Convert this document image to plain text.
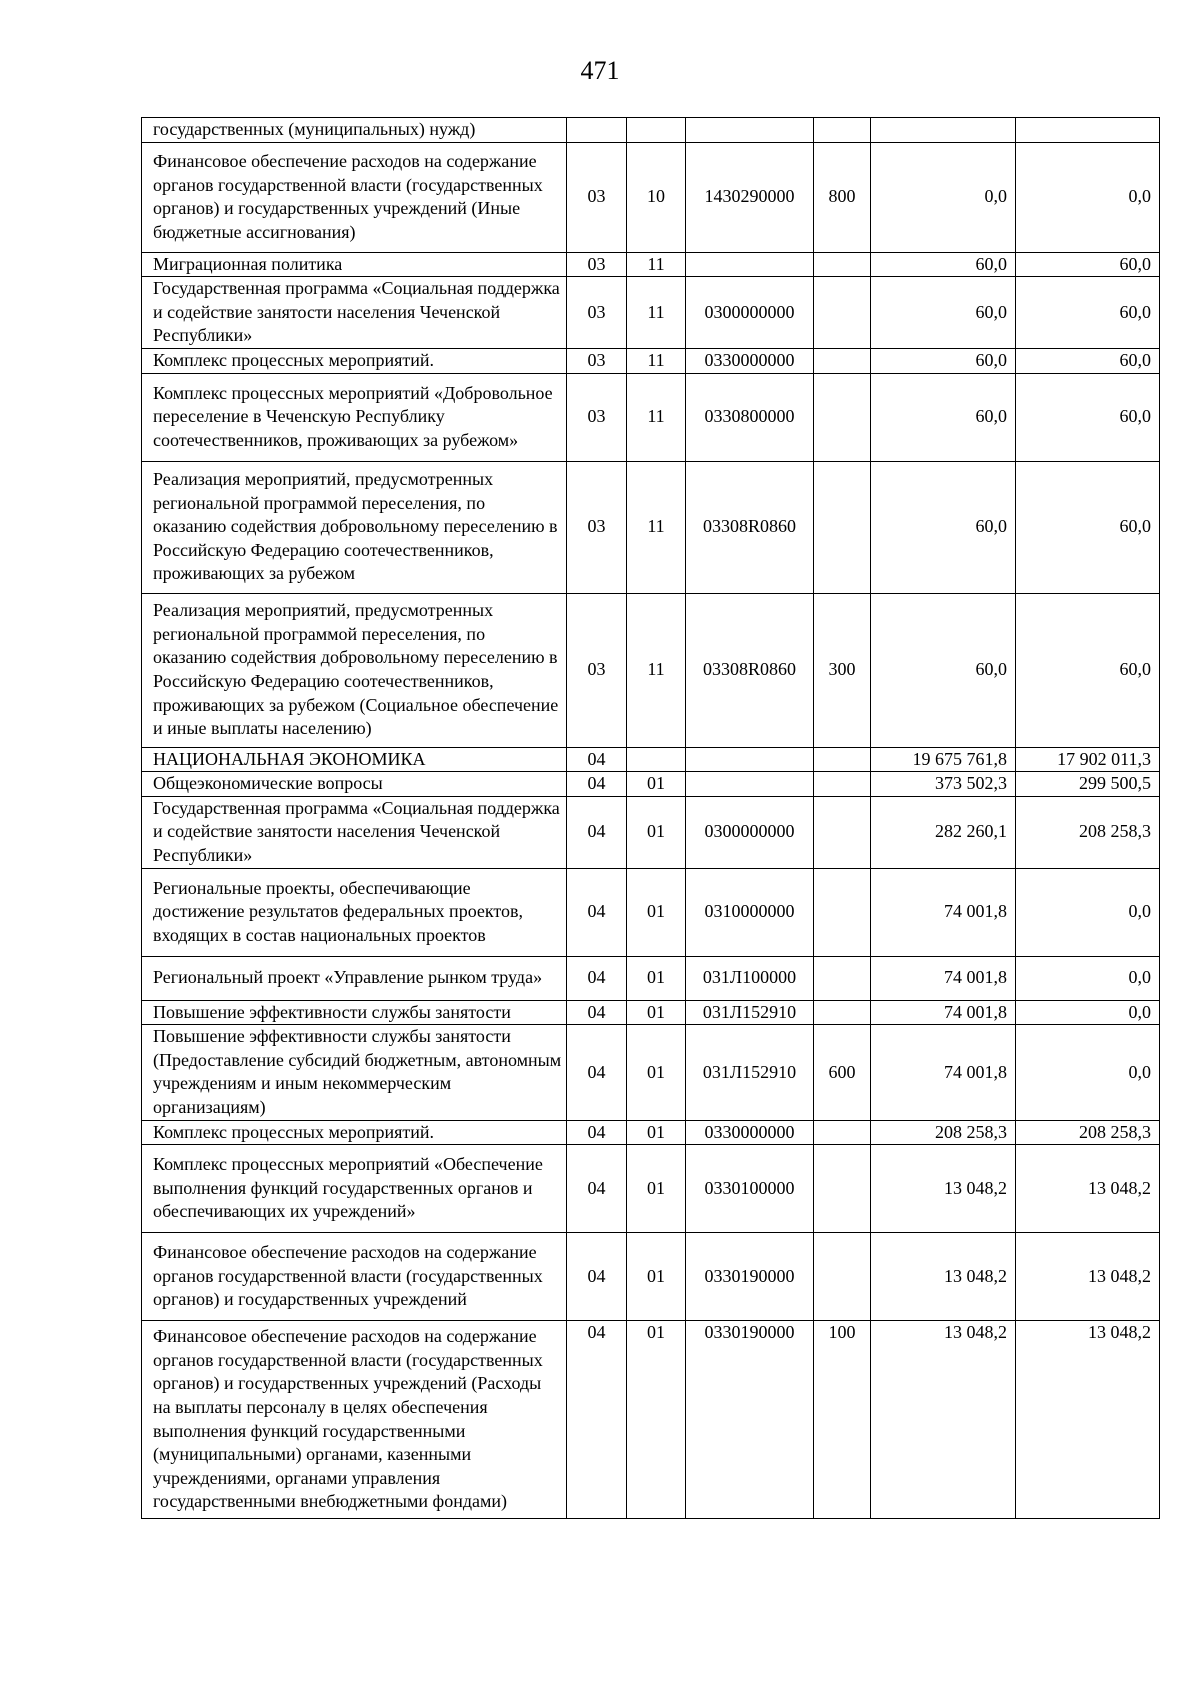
471
государственных (муниципальных) нужд)						
Финансовое обеспечение расходов на содержание органов государственной власти (государственных органов) и государственных учреждений (Иные бюджетные ассигнования)	03	10	1430290000	800	0,0	0,0
Миграционная политика	03	11			60,0	60,0
Государственная программа «Социальная поддержка и содействие занятости населения Чеченской Республики»	03	11	0300000000		60,0	60,0
Комплекс процессных мероприятий.	03	11	0330000000		60,0	60,0
Комплекс процессных мероприятий «Добровольное переселение в Чеченскую Республику соотечественников, проживающих за рубежом»	03	11	0330800000		60,0	60,0
Реализация мероприятий, предусмотренных региональной программой переселения, по оказанию содействия добровольному переселению в Российскую Федерацию соотечественников, проживающих за рубежом	03	11	03308R0860		60,0	60,0
Реализация мероприятий, предусмотренных региональной программой переселения, по оказанию содействия добровольному переселению в Российскую Федерацию соотечественников, проживающих за рубежом (Социальное обеспечение и иные выплаты населению)	03	11	03308R0860	300	60,0	60,0
НАЦИОНАЛЬНАЯ ЭКОНОМИКА	04				19 675 761,8	17 902 011,3
Общеэкономические вопросы	04	01			373 502,3	299 500,5
Государственная программа «Социальная поддержка и содействие занятости населения Чеченской Республики»	04	01	0300000000		282 260,1	208 258,3
Региональные проекты, обеспечивающие достижение результатов федеральных проектов, входящих в состав национальных проектов	04	01	0310000000		74 001,8	0,0
Региональный проект «Управление рынком труда»	04	01	031Л100000		74 001,8	0,0
Повышение эффективности службы занятости	04	01	031Л152910		74 001,8	0,0
Повышение эффективности службы занятости (Предоставление субсидий бюджетным, автономным учреждениям и иным некоммерческим организациям)	04	01	031Л152910	600	74 001,8	0,0
Комплекс процессных мероприятий.	04	01	0330000000		208 258,3	208 258,3
Комплекс процессных мероприятий «Обеспечение выполнения функций государственных органов и обеспечивающих их учреждений»	04	01	0330100000		13 048,2	13 048,2
Финансовое обеспечение расходов на содержание органов государственной власти (государственных органов) и государственных учреждений	04	01	0330190000		13 048,2	13 048,2
Финансовое обеспечение расходов на содержание органов государственной власти (государственных органов) и государственных учреждений (Расходы на выплаты персоналу в целях обеспечения выполнения функций государственными (муниципальными) органами, казенными учреждениями, органами управления государственными внебюджетными фондами)	04	01	0330190000	100	13 048,2	13 048,2
